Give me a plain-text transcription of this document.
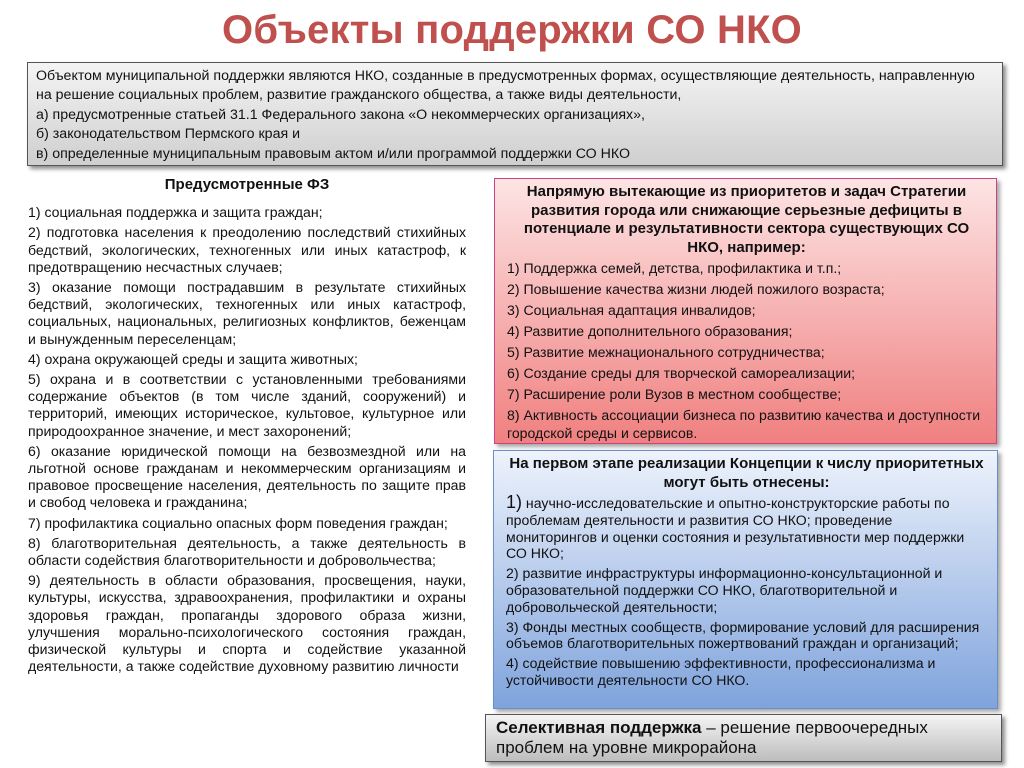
Объекты поддержки СО НКО

Объектом муниципальной поддержки являются НКО, созданные в предусмотренных формах, осуществляющие деятельность, направленную на решение социальных проблем, развитие гражданского общества, а также виды деятельности,

а) предусмотренные статьей 31.1 Федерального закона «О некоммерческих организациях»,

б) законодательством Пермского края и

в) определенные муниципальным правовым актом и/или программой поддержки СО НКО

Предусмотренные ФЗ

1) социальная поддержка и защита граждан;

2) подготовка населения к преодолению последствий стихийных бедствий, экологических, техногенных или иных катастроф, к предотвращению несчастных случаев;

3) оказание помощи пострадавшим в результате стихийных бедствий, экологических, техногенных или иных катастроф, социальных, национальных, религиозных конфликтов, беженцам и вынужденным переселенцам;

4) охрана окружающей среды и защита животных;

5) охрана и в соответствии с установленными требованиями содержание объектов (в том числе зданий, сооружений) и территорий, имеющих историческое, культовое, культурное или природоохранное значение, и мест захоронений;

6) оказание юридической помощи на безвозмездной или на льготной основе гражданам и некоммерческим организациям и правовое просвещение населения, деятельность по защите прав и свобод человека и гражданина;

7) профилактика социально опасных форм поведения граждан;

8) благотворительная деятельность, а также деятельность в области содействия благотворительности и добровольчества;

9) деятельность в области образования, просвещения, науки, культуры, искусства, здравоохранения, профилактики и охраны здоровья граждан, пропаганды здорового образа жизни, улучшения морально-психологического состояния граждан, физической культуры и спорта и содействие указанной деятельности, а также содействие духовному развитию личности

Напрямую вытекающие из приоритетов и задач Стратегии развития города или снижающие серьезные дефициты в потенциале и результативности сектора существующих СО НКО, например:

1) Поддержка семей, детства, профилактика и т.п.;

2) Повышение качества жизни людей пожилого возраста;

3) Социальная адаптация инвалидов;

4) Развитие дополнительного образования;

5) Развитие межнационального сотрудничества;

6) Создание среды для творческой самореализации;

7) Расширение роли Вузов в местном сообществе;

8) Активность ассоциации бизнеса по развитию качества и доступности городской среды и сервисов.

На первом этапе реализации Концепции к числу приоритетных могут быть отнесены:

1) научно-исследовательские и опытно-конструкторские работы по проблемам деятельности и развития СО НКО; проведение мониторингов и оценки состояния и результативности мер поддержки СО НКО;

2) развитие инфраструктуры информационно-консультационной и образовательной поддержки СО НКО, благотворительной и добровольческой деятельности;

3) Фонды местных сообществ, формирование условий для расширения объемов благотворительных пожертвований граждан и организаций;

4) содействие повышению эффективности, профессионализма и устойчивости деятельности СО НКО.

Селективная поддержка – решение первоочередных проблем на уровне микрорайона
